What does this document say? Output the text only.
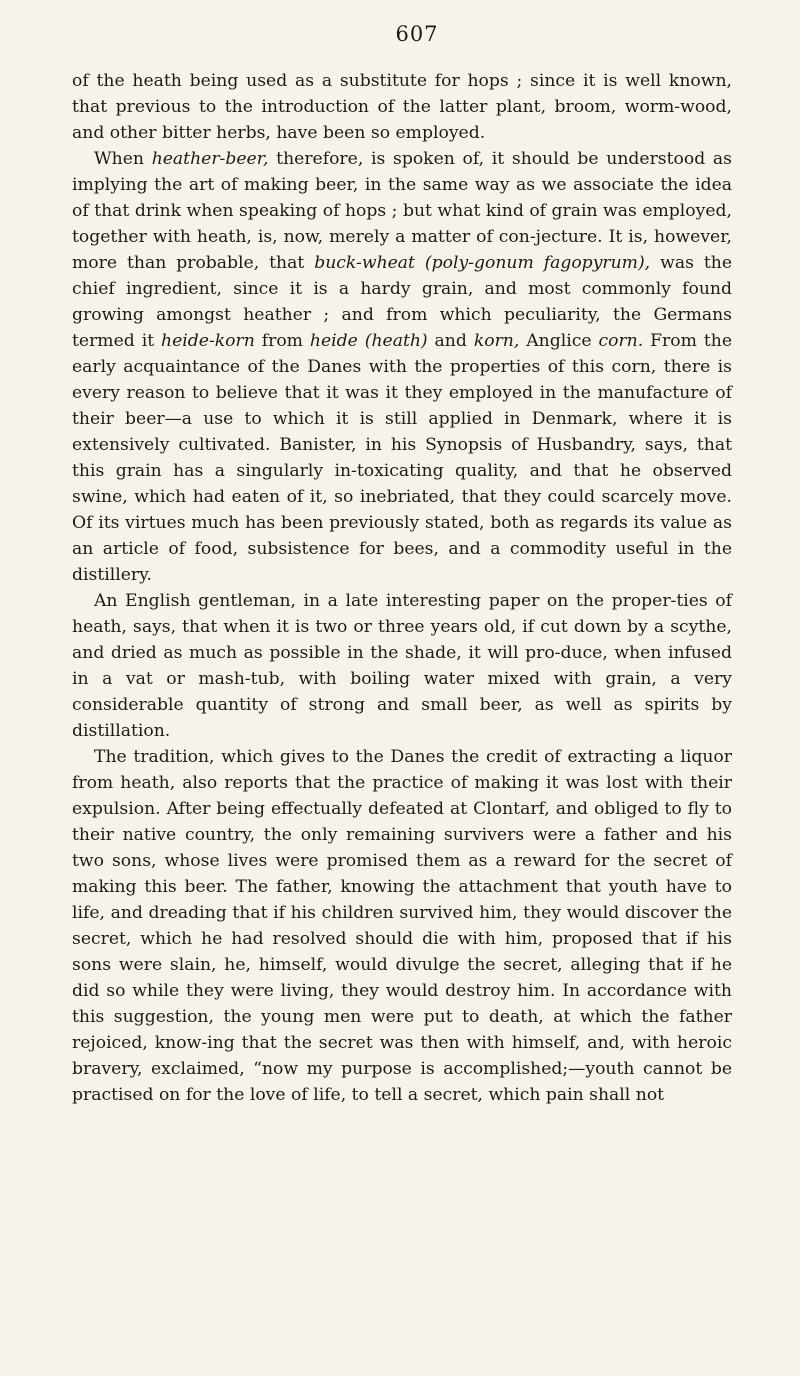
607

of the heath being used as a substitute for hops ; since it is well known, that previous to the introduction of the latter plant, broom, worm-wood, and other bitter herbs, have been so employed.

When heather-beer, therefore, is spoken of, it should be understood as implying the art of making beer, in the same way as we associate the idea of that drink when speaking of hops ; but what kind of grain was employed, together with heath, is, now, merely a matter of con-jecture. It is, however, more than probable, that buck-wheat (poly-gonum fagopyrum), was the chief ingredient, since it is a hardy grain, and most commonly found growing amongst heather ; and from which peculiarity, the Germans termed it heide-korn from heide (heath) and korn, Anglice corn. From the early acquaintance of the Danes with the properties of this corn, there is every reason to believe that it was it they employed in the manufacture of their beer—a use to which it is still applied in Denmark, where it is extensively cultivated. Banister, in his Synopsis of Husbandry, says, that this grain has a singularly in-toxicating quality, and that he observed swine, which had eaten of it, so inebriated, that they could scarcely move. Of its virtues much has been previously stated, both as regards its value as an article of food, subsistence for bees, and a commodity useful in the distillery.

An English gentleman, in a late interesting paper on the proper-ties of heath, says, that when it is two or three years old, if cut down by a scythe, and dried as much as possible in the shade, it will pro-duce, when infused in a vat or mash-tub, with boiling water mixed with grain, a very considerable quantity of strong and small beer, as well as spirits by distillation.

The tradition, which gives to the Danes the credit of extracting a liquor from heath, also reports that the practice of making it was lost with their expulsion. After being effectually defeated at Clontarf, and obliged to fly to their native country, the only remaining survivers were a father and his two sons, whose lives were promised them as a reward for the secret of making this beer. The father, knowing the attachment that youth have to life, and dreading that if his children survived him, they would discover the secret, which he had resolved should die with him, proposed that if his sons were slain, he, himself, would divulge the secret, alleging that if he did so while they were living, they would destroy him. In accordance with this suggestion, the young men were put to death, at which the father rejoiced, know-ing that the secret was then with himself, and, with heroic bravery, exclaimed, “now my purpose is accomplished;—youth cannot be practised on for the love of life, to tell a secret, which pain shall not
